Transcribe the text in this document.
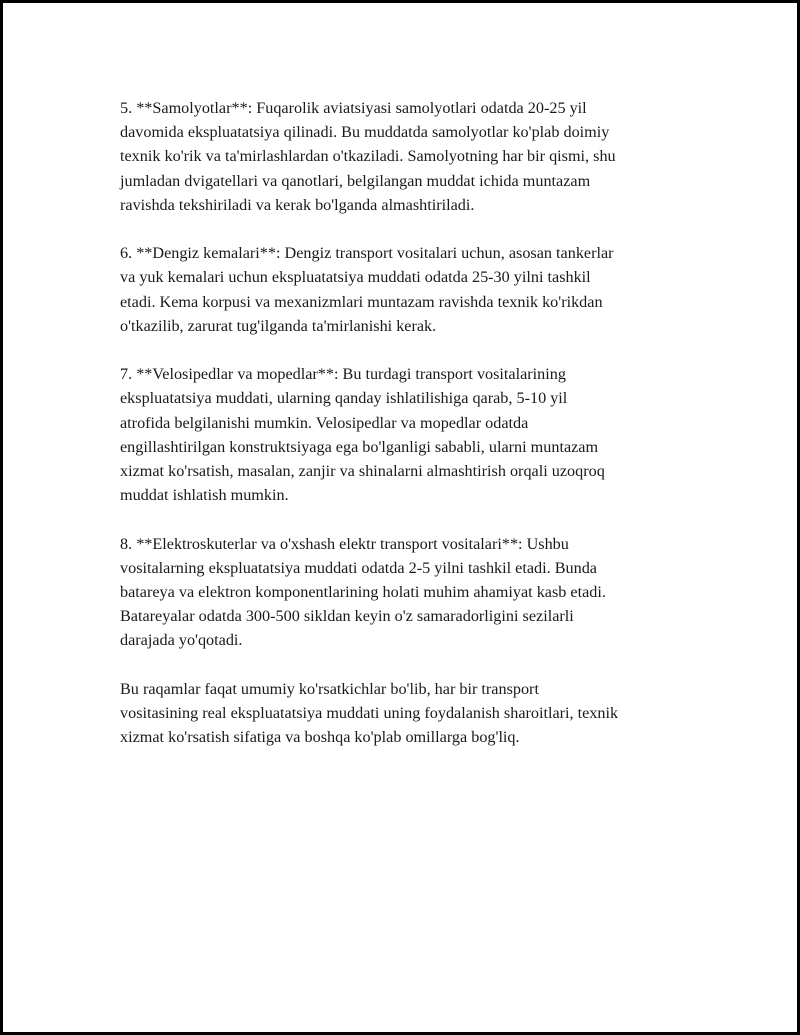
5. **Samolyotlar**: Fuqarolik aviatsiyasi samolyotlari odatda 20-25 yil
davomida ekspluatatsiya qilinadi. Bu muddatda samolyotlar ko'plab doimiy
texnik ko'rik va ta'mirlashlardan o'tkaziladi. Samolyotning har bir qismi, shu
jumladan dvigatellari va qanotlari, belgilangan muddat ichida muntazam
ravishda tekshiriladi va kerak bo'lganda almashtiriladi.

6. **Dengiz kemalari**: Dengiz transport vositalari uchun, asosan tankerlar
va yuk kemalari uchun ekspluatatsiya muddati odatda 25-30 yilni tashkil
etadi. Kema korpusi va mexanizmlari muntazam ravishda texnik ko'rikdan
o'tkazilib, zarurat tug'ilganda ta'mirlanishi kerak.

7. **Velosipedlar va mopedlar**: Bu turdagi transport vositalarining
ekspluatatsiya muddati, ularning qanday ishlatilishiga qarab, 5-10 yil
atrofida belgilanishi mumkin. Velosipedlar va mopedlar odatda
engillashtirilgan konstruktsiyaga ega bo'lganligi sababli, ularni muntazam
xizmat ko'rsatish, masalan, zanjir va shinalarni almashtirish orqali uzoqroq
muddat ishlatish mumkin.

8. **Elektroskuterlar va o'xshash elektr transport vositalari**: Ushbu
vositalarning ekspluatatsiya muddati odatda 2-5 yilni tashkil etadi. Bunda
batareya va elektron komponentlarining holati muhim ahamiyat kasb etadi.
Batareyalar odatda 300-500 sikldan keyin o'z samaradorligini sezilarli
darajada yo'qotadi.

Bu raqamlar faqat umumiy ko'rsatkichlar bo'lib, har bir transport
vositasining real ekspluatatsiya muddati uning foydalanish sharoitlari, texnik
xizmat ko'rsatish sifatiga va boshqa ko'plab omillarga bog'liq.
